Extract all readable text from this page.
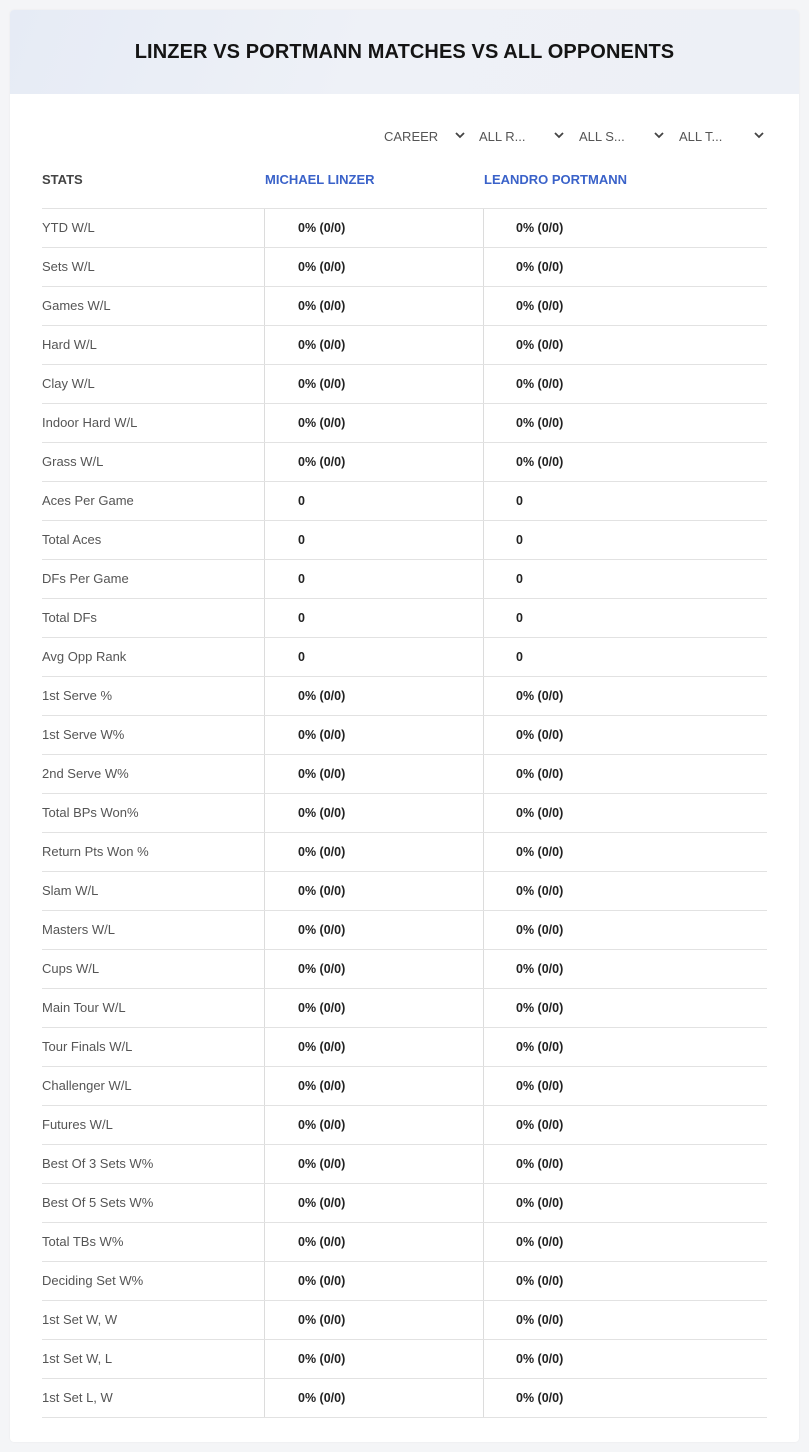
LINZER VS PORTMANN MATCHES VS ALL OPPONENTS
CAREER	ALL R...	ALL S...	ALL T...
STATS	MICHAEL LINZER	LEANDRO PORTMANN
YTD W/L	0% (0/0)	0% (0/0)
Sets W/L	0% (0/0)	0% (0/0)
Games W/L	0% (0/0)	0% (0/0)
Hard W/L	0% (0/0)	0% (0/0)
Clay W/L	0% (0/0)	0% (0/0)
Indoor Hard W/L	0% (0/0)	0% (0/0)
Grass W/L	0% (0/0)	0% (0/0)
Aces Per Game	0	0
Total Aces	0	0
DFs Per Game	0	0
Total DFs	0	0
Avg Opp Rank	0	0
1st Serve %	0% (0/0)	0% (0/0)
1st Serve W%	0% (0/0)	0% (0/0)
2nd Serve W%	0% (0/0)	0% (0/0)
Total BPs Won%	0% (0/0)	0% (0/0)
Return Pts Won %	0% (0/0)	0% (0/0)
Slam W/L	0% (0/0)	0% (0/0)
Masters W/L	0% (0/0)	0% (0/0)
Cups W/L	0% (0/0)	0% (0/0)
Main Tour W/L	0% (0/0)	0% (0/0)
Tour Finals W/L	0% (0/0)	0% (0/0)
Challenger W/L	0% (0/0)	0% (0/0)
Futures W/L	0% (0/0)	0% (0/0)
Best Of 3 Sets W%	0% (0/0)	0% (0/0)
Best Of 5 Sets W%	0% (0/0)	0% (0/0)
Total TBs W%	0% (0/0)	0% (0/0)
Deciding Set W%	0% (0/0)	0% (0/0)
1st Set W, W	0% (0/0)	0% (0/0)
1st Set W, L	0% (0/0)	0% (0/0)
1st Set L, W	0% (0/0)	0% (0/0)
